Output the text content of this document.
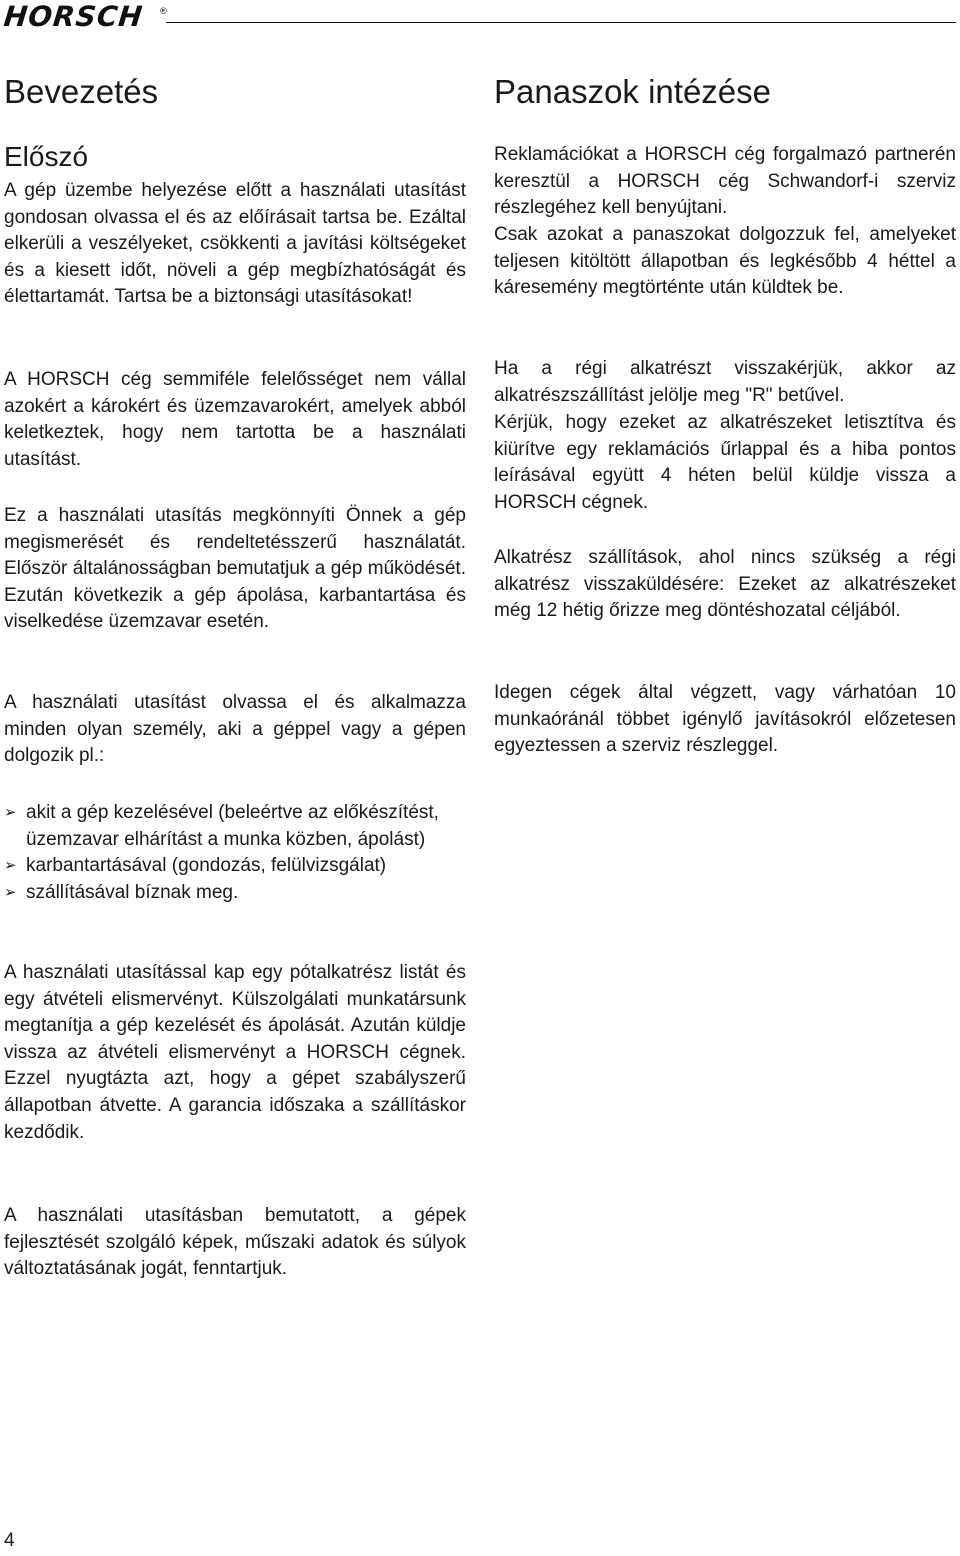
HORSCH ®
Bevezetés
Előszó

A gép üzembe helyezése előtt a használati utasítást gondosan olvassa el és az előírásait tartsa be. Ezáltal elkerüli a veszélyeket, csökkenti a javítási költségeket és a kiesett időt, növeli a gép megbízhatóságát és élettartamát. Tartsa be a biztonsági utasításokat!

A HORSCH cég semmiféle felelősséget nem vállal azokért a károkért és üzemzavarokért, amelyek abból keletkeztek, hogy nem tartotta be a használati utasítást.

Ez a használati utasítás megkönnyíti Önnek a gép megismerését és rendeltetésszerű használatát. Először általánosságban bemutatjuk a gép működését. Ezután következik a gép ápolása, karbantartása és viselkedése üzemzavar esetén.

A használati utasítást olvassa el és alkalmazza minden olyan személy, aki a géppel vagy a gépen dolgozik pl.:

➢ akit a gép kezelésével (beleértve az előkészítést, üzemzavar elhárítást a munka közben, ápolást)
➢ karbantartásával (gondozás, felülvizsgálat)
➢ szállításával bíznak meg.

A használati utasítással kap egy pótalkatrész listát és egy átvételi elismervényt. Külszolgálati munkatársunk megtanítja a gép kezelését és ápolását. Azután küldje vissza az átvételi elismervényt a HORSCH cégnek. Ezzel nyugtázta azt, hogy a gépet szabályszerű állapotban átvette. A garancia időszaka a szállításkor kezdődik.

A használati utasításban bemutatott, a gépek fejlesztését szolgáló képek, műszaki adatok és súlyok változtatásának jogát, fenntartjuk.

Panaszok intézése

Reklamációkat a HORSCH cég forgalmazó partnerén keresztül a HORSCH cég Schwandorf-i szerviz részlegéhez kell benyújtani.

Csak azokat a panaszokat dolgozzuk fel, amelyeket teljesen kitöltött állapotban és legkésőbb 4 héttel a káresemény megtörténte után küldtek be.

Ha a régi alkatrészt visszakérjük, akkor az alkatrészszállítást jelölje meg "R" betűvel.

Kérjük, hogy ezeket az alkatrészeket letisztítva és kiürítve egy reklamációs űrlappal és a hiba pontos leírásával együtt 4 héten belül küldje vissza a HORSCH cégnek.

Alkatrész szállítások, ahol nincs szükség a régi alkatrész visszaküldésére: Ezeket az alkatrészeket még 12 hétig őrizze meg döntéshozatal céljából.

Idegen cégek által végzett, vagy várhatóan 10 munkaóránál többet igénylő javításokról előzetesen egyeztessen a szerviz részleggel.

4
